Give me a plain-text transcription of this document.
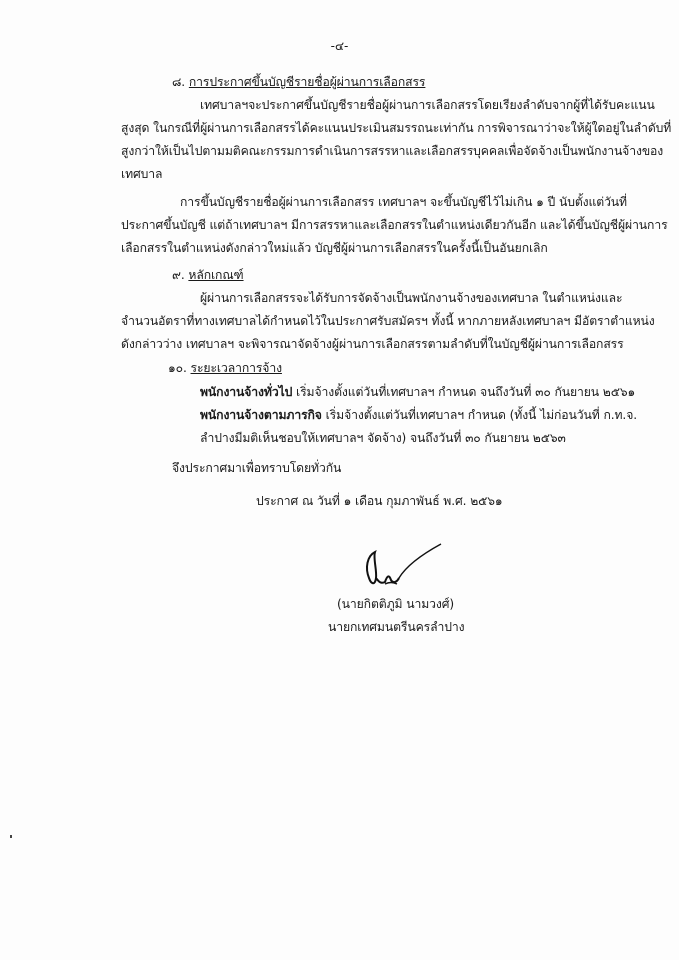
-๔-
๘. การประกาศขึ้นบัญชีรายชื่อผู้ผ่านการเลือกสรร
เทศบาลฯจะประกาศขึ้นบัญชีรายชื่อผู้ผ่านการเลือกสรรโดยเรียงลำดับจากผู้ที่ได้รับคะแนน
สูงสุด ในกรณีที่ผู้ผ่านการเลือกสรรได้คะแนนประเมินสมรรถนะเท่ากัน การพิจารณาว่าจะให้ผู้ใดอยู่ในลำดับที่
สูงกว่าให้เป็นไปตามมติคณะกรรมการดำเนินการสรรหาและเลือกสรรบุคคลเพื่อจัดจ้างเป็นพนักงานจ้างของ
เทศบาล
การขึ้นบัญชีรายชื่อผู้ผ่านการเลือกสรร เทศบาลฯ จะขึ้นบัญชีไว้ไม่เกิน ๑ ปี นับตั้งแต่วันที่
ประกาศขึ้นบัญชี แต่ถ้าเทศบาลฯ มีการสรรหาและเลือกสรรในตำแหน่งเดียวกันอีก และได้ขึ้นบัญชีผู้ผ่านการ
เลือกสรรในตำแหน่งดังกล่าวใหม่แล้ว บัญชีผู้ผ่านการเลือกสรรในครั้งนี้เป็นอันยกเลิก
๙. หลักเกณฑ์
ผู้ผ่านการเลือกสรรจะได้รับการจัดจ้างเป็นพนักงานจ้างของเทศบาล ในตำแหน่งและ
จำนวนอัตราที่ทางเทศบาลได้กำหนดไว้ในประกาศรับสมัครฯ ทั้งนี้ หากภายหลังเทศบาลฯ มีอัตราตำแหน่ง
ดังกล่าวว่าง เทศบาลฯ จะพิจารณาจัดจ้างผู้ผ่านการเลือกสรรตามลำดับที่ในบัญชีผู้ผ่านการเลือกสรร
๑๐. ระยะเวลาการจ้าง
พนักงานจ้างทั่วไป เริ่มจ้างตั้งแต่วันที่เทศบาลฯ กำหนด จนถึงวันที่ ๓๐ กันยายน ๒๕๖๑
พนักงานจ้างตามภารกิจ เริ่มจ้างตั้งแต่วันที่เทศบาลฯ กำหนด (ทั้งนี้ ไม่ก่อนวันที่ ก.ท.จ.
ลำปางมีมติเห็นชอบให้เทศบาลฯ จัดจ้าง) จนถึงวันที่ ๓๐ กันยายน ๒๕๖๓
จึงประกาศมาเพื่อทราบโดยทั่วกัน
ประกาศ ณ วันที่ ๑ เดือน กุมภาพันธ์ พ.ศ. ๒๕๖๑
(นายกิตติภูมิ นามวงศ์)
นายกเทศมนตรีนครลำปาง
